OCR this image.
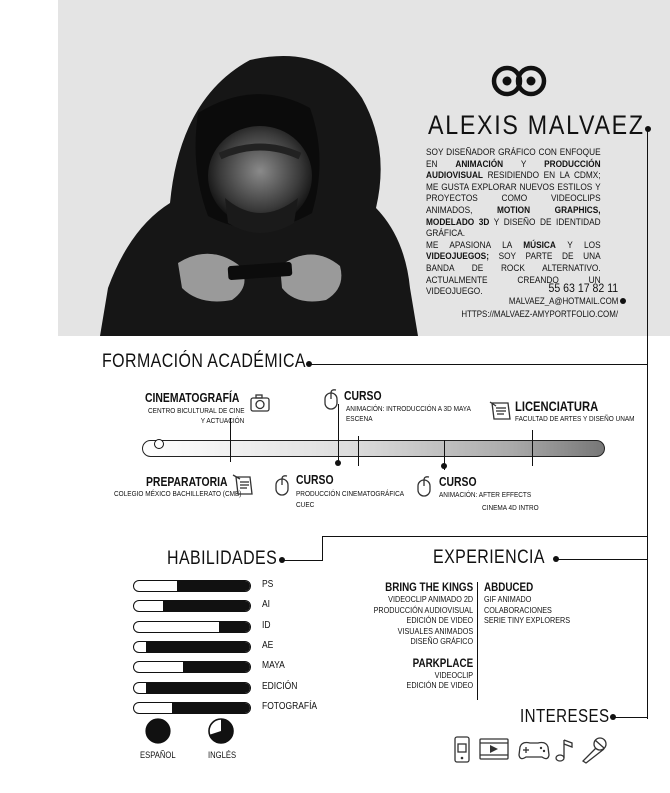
ALEXIS MALVAEZ
SOY DISEÑADOR GRÁFICO CON ENFOQUE EN ANIMACIÓN Y PRODUCCIÓN AUDIOVISUAL RESIDIENDO EN LA CDMX; ME GUSTA EXPLORAR NUEVOS ESTILOS Y PROYECTOS COMO VIDEOCLIPS ANIMADOS,	MOTION GRAPHICS, MODELADO 3D Y DISEÑO DE IDENTIDAD GRÁFICA.
ME APASIONA LA MÚSICA Y LOS VIDEOJUEGOS; SOY PARTE DE UNA BANDA DE ROCK ALTERNATIVO. ACTUALMENTE CREANDO UN VIDEOJUEGO.	55 63 17 82 11
MALVAEZ_A@HOTMAIL.COM
HTTPS://MALVAEZ-AMYPORTFOLIO.COM/
FORMACIÓN ACADÉMICA
CINEMATOGRAFÍA
CENTRO BICULTURAL DE CINE
Y ACTUACIÓN
CURSO
ANIMACIÓN: INTRODUCCIÓN A 3D MAYA
ESCENA
LICENCIATURA
FACULTAD DE ARTES Y DISEÑO UNAM
PREPARATORIA
COLEGIO MÉXICO BACHILLERATO (CMB)
CURSO
PRODUCCIÓN CINEMATOGRÁFICA
CUEC
CURSO
ANIMACIÓN: AFTER EFFECTS
CINEMA 4D INTRO
HABILIDADES
PS
AI
ID
AE
MAYA
EDICIÓN
FOTOGRAFÍA
ESPAÑOL	INGLÉS
EXPERIENCIA
BRING THE KINGS
VIDEOCLIP ANIMADO 2D
PRODUCCIÓN AUDIOVISUAL
EDICIÓN DE VIDEO
VISUALES ANIMADOS
DISEÑO GRÁFICO
PARKPLACE
VIDEOCLIP
EDICIÓN DE VIDEO
ABDUCED
GIF ANIMADO
COLABORACIONES
SERIE TINY EXPLORERS
INTERESES
